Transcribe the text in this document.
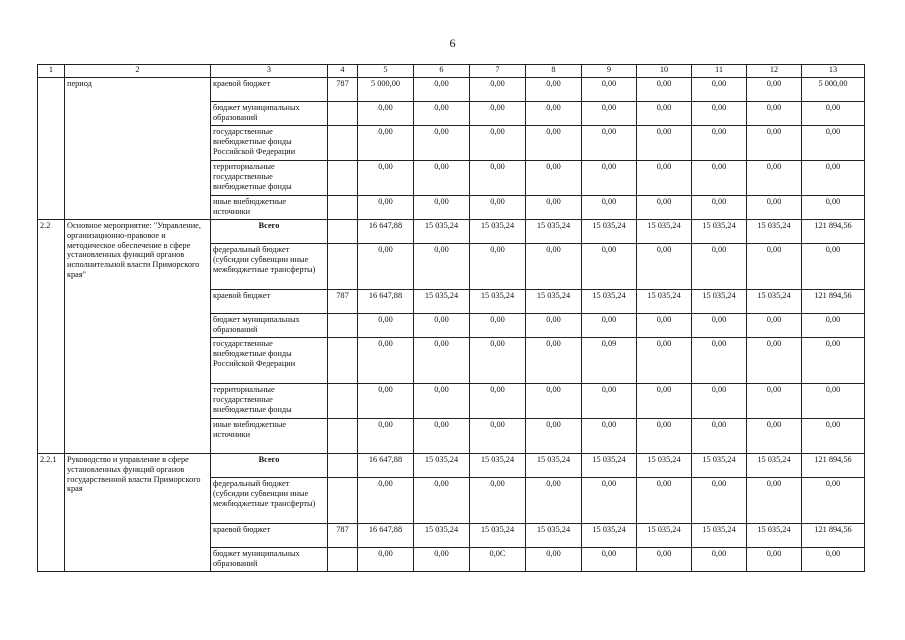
6
1	2	3	4	5	6	7	8	9	10	11	12	13
	период	краевой бюджет	787	5 000,00	0,00	0,00	0,00	0,00	0,00	0,00	0,00	5 000,00
		бюджет муниципальных образований		0,00	0,00	0,00	0,00	0,00	0,00	0,00	0,00	0,00
		государственные внебюджетные фонды Российской Федерации		0,00	0,00	0,00	0,00	0,00	0,00	0,00	0,00	0,00
		территориальные государственные внебюджетные фонды		0,00	0,00	0,00	0,00	0,00	0,00	0,00	0,00	0,00
		иные внебюджетные источники		0,00	0,00	0,00	0,00	0,00	0,00	0,00	0,00	0,00
2.2	Основное мероприятие: "Управление, организационно-правовое и методическое обеспечение в сфере установленных функций органов исполнительной власти Приморского края"	Всего		16 647,88	15 035,24	15 035,24	15 035,24	15 035,24	15 035,24	15 035,24	15 035,24	121 894,56
		федеральный бюджет (субсидии субвенции иные межбюджетные трансферты)		0,00	0,00	0,00	0,00	0,00	0,00	0,00	0,00	0,00
		краевой бюджет	787	16 647,88	15 035,24	15 035,24	15 035,24	15 035,24	15 035,24	15 035,24	15 035,24	121 894,56
		бюджет муниципальных образований		0,00	0,00	0,00	0,00	0,00	0,00	0,00	0,00	0,00
		государственные внебюджетные фонды Российской Федерации		0,00	0,00	0,00	0,00	0,09	0,00	0,00	0,00	0,00
		территориальные государственные внебюджетные фонды		0,00	0,00	0,00	0,00	0,00	0,00	0,00	0,00	0,00
		иные внебюджетные источники		0,00	0,00	0,00	0,00	0,00	0,00	0,00	0,00	0,00
2.2.1	Руководство и управление в сфере установленных функций органов государственной власти Приморского края	Всего		16 647,88	15 035,24	15 035,24	15 035,24	15 035,24	15 035,24	15 035,24	15 035,24	121 894,56
		федеральный бюджет (субсидии субвенции иные межбюджетные трансферты)		0,00	0,00	0,00	0,00	0,00	0,00	0,00	0,00	0,00
		краевой бюджет	787	16 647,88	15 035,24	15 035,24	15 035,24	15 035,24	15 035,24	15 035,24	15 035,24	121 894,56
		бюджет муниципальных образований		0,00	0,00	0,0С	0,00	0,00	0,00	0,00	0,00	0,00
